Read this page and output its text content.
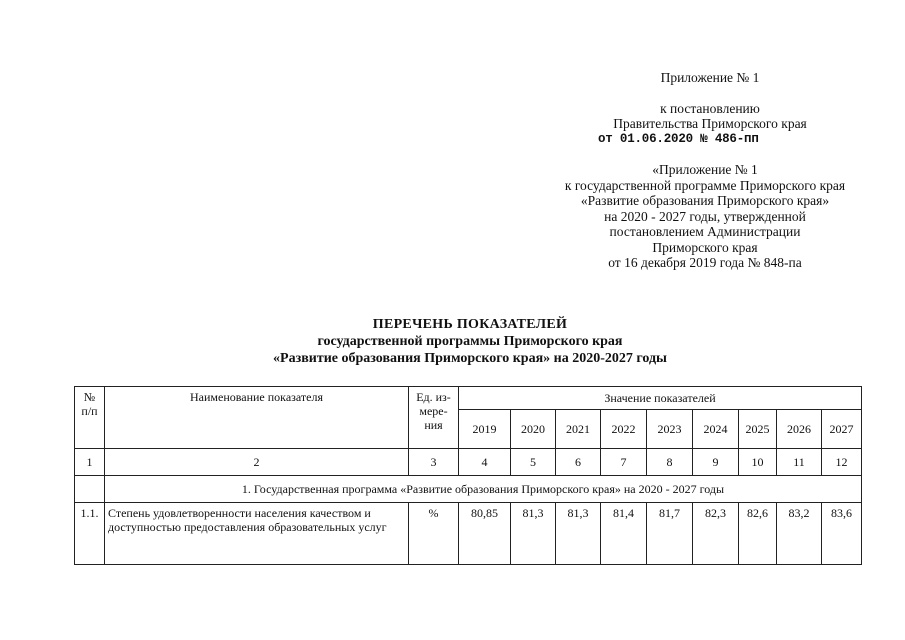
Приложение № 1
к постановлению
Правительства Приморского края
от 01.06.2020 № 486-пп
«Приложение № 1
к государственной программе Приморского края
«Развитие образования Приморского края»
на 2020 - 2027 годы, утвержденной
постановлением Администрации
Приморского края
от 16 декабря 2019 года № 848-па
ПЕРЕЧЕНЬ ПОКАЗАТЕЛЕЙ
государственной программы Приморского края
«Развитие образования Приморского края» на 2020-2027 годы
№ п/п	Наименование показателя	Ед. из- мере- ния	Значение показателей								
			2019	2020	2021	2022	2023	2024	2025	2026	2027
1	2	3	4	5	6	7	8	9	10	11	12
	1. Государственная программа «Развитие образования Приморского края» на 2020 - 2027 годы										
1.1.	Степень удовлетворенности населения качеством и доступностью предоставления образовательных услуг	%	80,85	81,3	81,3	81,4	81,7	82,3	82,6	83,2	83,6
